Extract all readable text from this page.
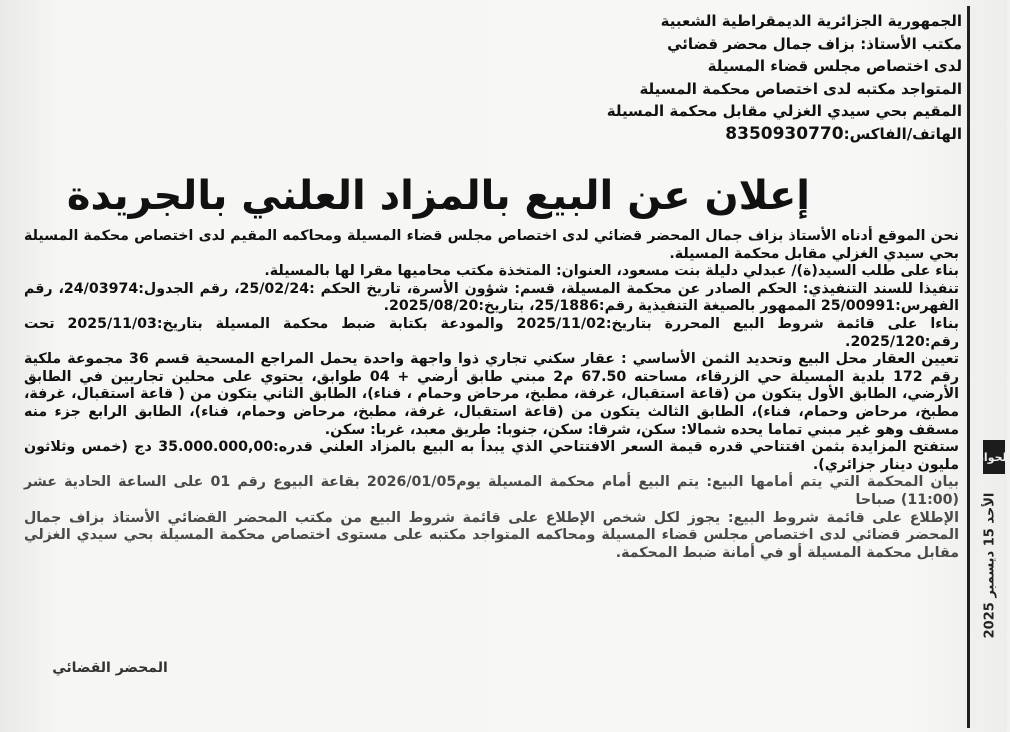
الجمهورية الجزائرية الديمقراطية الشعبية
مكتب الأستاذ: بزاف جمال محضر قضائي
لدى اختصاص مجلس قضاء المسيلة
المتواجد مكتبه لدى اختصاص محكمة المسيلة
المقيم بحي سيدي الغزلي مقابل محكمة المسيلة
الهاتف/الفاكس:8350930770
إعلان عن البيع بالمزاد العلني بالجريدة

نحن الموقع أدناه الأستاذ بزاف جمال المحضر قضائي لدى اختصاص مجلس قضاء المسيلة ومحاكمه المقيم لدى اختصاص محكمة المسيلة بحي سيدي الغزلي مقابل محكمة المسيلة.

بناء على طلب السيد(ة)/ عبدلي دليلة بنت مسعود، العنوان: المتخذة مكتب محاميها مقرا لها بالمسيلة.

تنفيذا للسند التنفيذي: الحكم الصادر عن محكمة المسيلة، قسم: شؤون الأسرة، تاريخ الحكم :25/02/24، رقم الجدول:24/03974، رقم الفهرس:25/00991 الممهور بالصيغة التنفيذية رقم:25/1886، بتاريخ:2025/08/20.

بناءا على قائمة شروط البيع المحررة بتاريخ:2025/11/02 والمودعة بكتابة ضبط محكمة المسيلة بتاريخ:2025/11/03 تحت رقم:2025/120.

تعيين العقار محل البيع وتحديد الثمن الأساسي : عقار سكني تجاري ذوا واجهة واحدة يحمل المراجع المسحية قسم 36 مجموعة ملكية رقم 172 بلدية المسيلة حي الزرقاء، مساحته 67.50 م2 مبني طابق أرضي + 04 طوابق، يحتوي على محلين تجاريين في الطابق الأرضي، الطابق الأول يتكون من (قاعة استقبال، غرفة، مطبخ، مرحاض وحمام ، فناء)، الطابق الثاني يتكون من ( قاعة استقبال، غرفة، مطبخ، مرحاض وحمام، فناء)، الطابق الثالث يتكون من (قاعة استقبال، غرفة، مطبخ، مرحاض وحمام، فناء)، الطابق الرابع جزء منه مسقف وهو غير مبني تماما يحده شمالا: سكن، شرقا: سكن، جنوبا: طريق معبد، غربا: سكن.

ستفتح المزايدة بثمن افتتاحي قدره قيمة السعر الافتتاحي الذي يبدأ به البيع بالمزاد العلني قدره:35.000.000,00 دج (خمس وثلاثون مليون دينار جزائري).

بيان المحكمة التي يتم أمامها البيع: يتم البيع أمام محكمة المسيلة يوم2026/01/05 بقاعة البيوع رقم 01 على الساعة الحادية عشر (11:00) صباحا

الإطلاع على قائمة شروط البيع: يجوز لكل شخص الإطلاع على قائمة شروط البيع من مكتب المحضر القضائي الأستاذ بزاف جمال المحضر قضائي لدى اختصاص مجلس قضاء المسيلة ومحاكمه المتواجد مكتبه على مستوى اختصاص محكمة المسيلة بحي سيدي الغزلي مقابل محكمة المسيلة أو في أمانة ضبط المحكمة.

المحضر القضائي
الحوار
الأحد 15 ديسمبر 2025
